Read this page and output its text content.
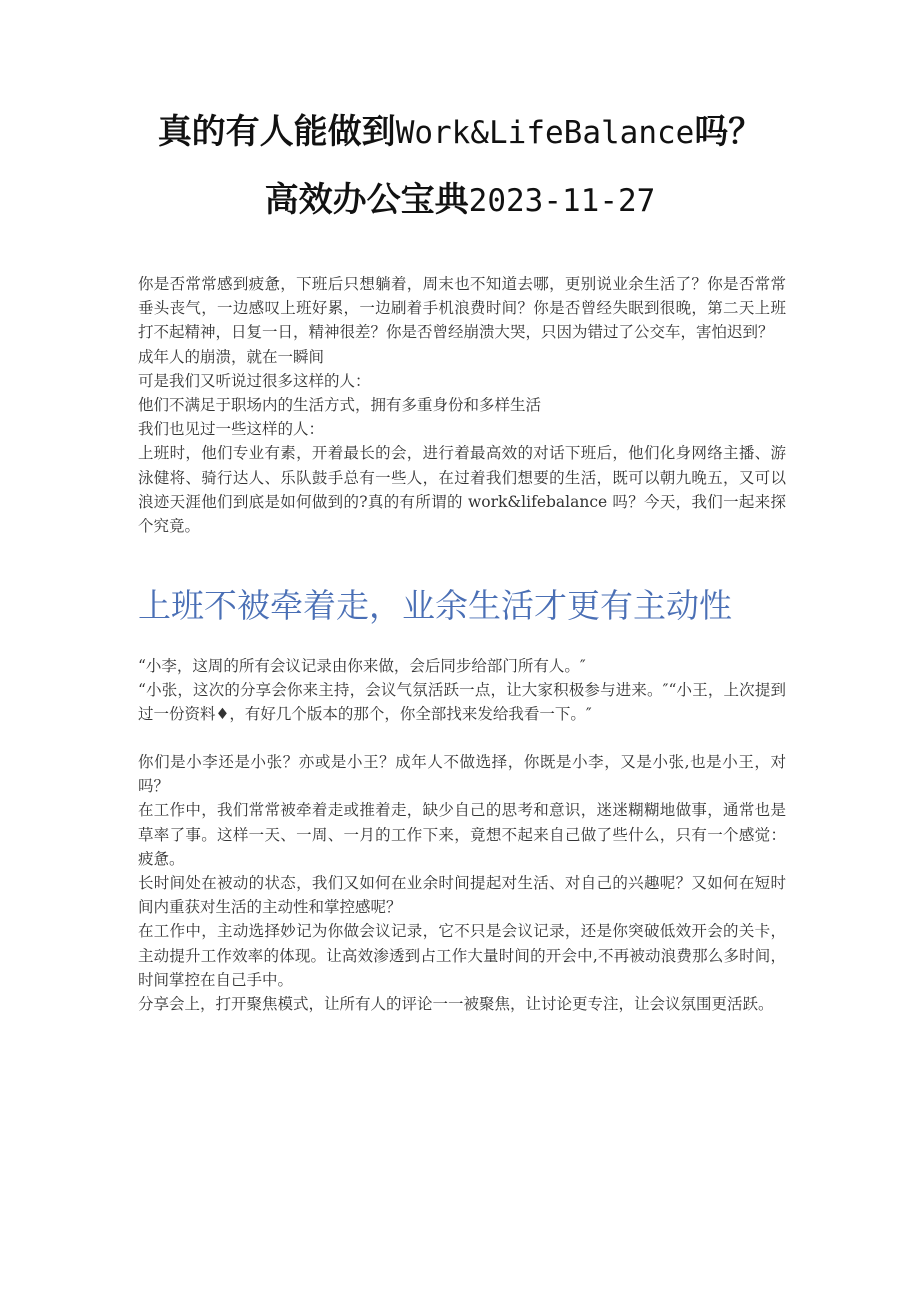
真的有人能做到Work&LifeBalance吗？
高效办公宝典2023-11-27

你是否常常感到疲惫，下班后只想躺着，周末也不知道去哪，更别说业余生活了？你是否常常垂头丧气，一边感叹上班好累，一边刷着手机浪费时间？你是否曾经失眠到很晚，第二天上班打不起精神，日复一日，精神很差？你是否曾经崩溃大哭，只因为错过了公交车，害怕迟到？

成年人的崩溃，就在一瞬间

可是我们又听说过很多这样的人：

他们不满足于职场内的生活方式，拥有多重身份和多样生活

我们也见过一些这样的人：

上班时，他们专业有素，开着最长的会，进行着最高效的对话下班后，他们化身网络主播、游泳健将、骑行达人、乐队鼓手总有一些人，在过着我们想要的生活，既可以朝九晚五，又可以浪迹天涯他们到底是如何做到的?真的有所谓的 work&lifebalance 吗？今天，我们一起来探个究竟。

上班不被牵着走，业余生活才更有主动性

“小李，这周的所有会议记录由你来做，会后同步给部门所有人。″

“小张，这次的分享会你来主持，会议气氛活跃一点，让大家积极参与进来。″“小王，上次提到过一份资料♦，有好几个版本的那个，你全部找来发给我看一下。″

你们是小李还是小张？亦或是小王？成年人不做选择，你既是小李，又是小张,也是小王，对吗？

在工作中，我们常常被牵着走或推着走，缺少自己的思考和意识，迷迷糊糊地做事，通常也是草率了事。这样一天、一周、一月的工作下来，竟想不起来自己做了些什么，只有一个感觉：疲惫。

长时间处在被动的状态，我们又如何在业余时间提起对生活、对自己的兴趣呢？又如何在短时间内重获对生活的主动性和掌控感呢？

在工作中，主动选择妙记为你做会议记录，它不只是会议记录，还是你突破低效开会的关卡，主动提升工作效率的体现。让高效渗透到占工作大量时间的开会中,不再被动浪费那么多时间，时间掌控在自己手中。

分享会上，打开聚焦模式，让所有人的评论一一被聚焦，让讨论更专注，让会议氛围更活跃。
